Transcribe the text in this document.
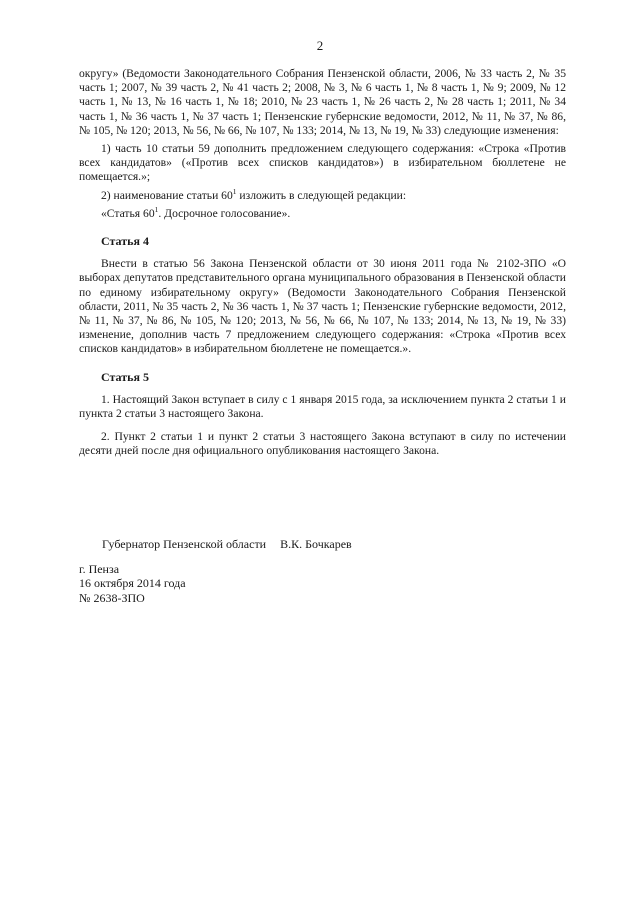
2

округу» (Ведомости Законодательного Собрания Пензенской области, 2006, № 33 часть 2, № 35 часть 1; 2007, № 39 часть 2, № 41 часть 2; 2008, № 3, № 6 часть 1, № 8 часть 1, № 9; 2009, № 12 часть 1, № 13, № 16 часть 1, № 18; 2010, № 23 часть 1, № 26 часть 2, № 28 часть 1; 2011, № 34 часть 1, № 36 часть 1, № 37 часть 1; Пензенские губернские ведомости, 2012, № 11, № 37, № 86, № 105, № 120; 2013, № 56, № 66, № 107, № 133; 2014, № 13, № 19, № 33) следующие изменения:

1) часть 10 статьи 59 дополнить предложением следующего содержания: «Строка «Против всех кандидатов» («Против всех списков кандидатов») в избирательном бюллетене не помещается.»;

2) наименование статьи $60^1$ изложить в следующей редакции:

«Статья $60^1$. Досрочное голосование».

Статья 4

Внести в статью 56 Закона Пензенской области от 30 июня 2011 года № 2102-ЗПО «О выборах депутатов представительного органа муниципального образования в Пензенской области по единому избирательному округу» (Ведомости Законодательного Собрания Пензенской области, 2011, № 35 часть 2, № 36 часть 1, № 37 часть 1; Пензенские губернские ведомости, 2012, № 11, № 37, № 86, № 105, № 120; 2013, № 56, № 66, № 107, № 133; 2014, № 13, № 19, № 33) изменение, дополнив часть 7 предложением следующего содержания: «Строка «Против всех списков кандидатов» в избирательном бюллетене не помещается.».

Статья 5

1. Настоящий Закон вступает в силу с 1 января 2015 года, за исключением пункта 2 статьи 1 и пункта 2 статьи 3 настоящего Закона.

2. Пункт 2 статьи 1 и пункт 2 статьи 3 настоящего Закона вступают в силу по истечении десяти дней после дня официального опубликования настоящего Закона.

Губернатор Пензенской области В.К. Бочкарев
г. Пенза
16 октября 2014 года
№ 2638-ЗПО
